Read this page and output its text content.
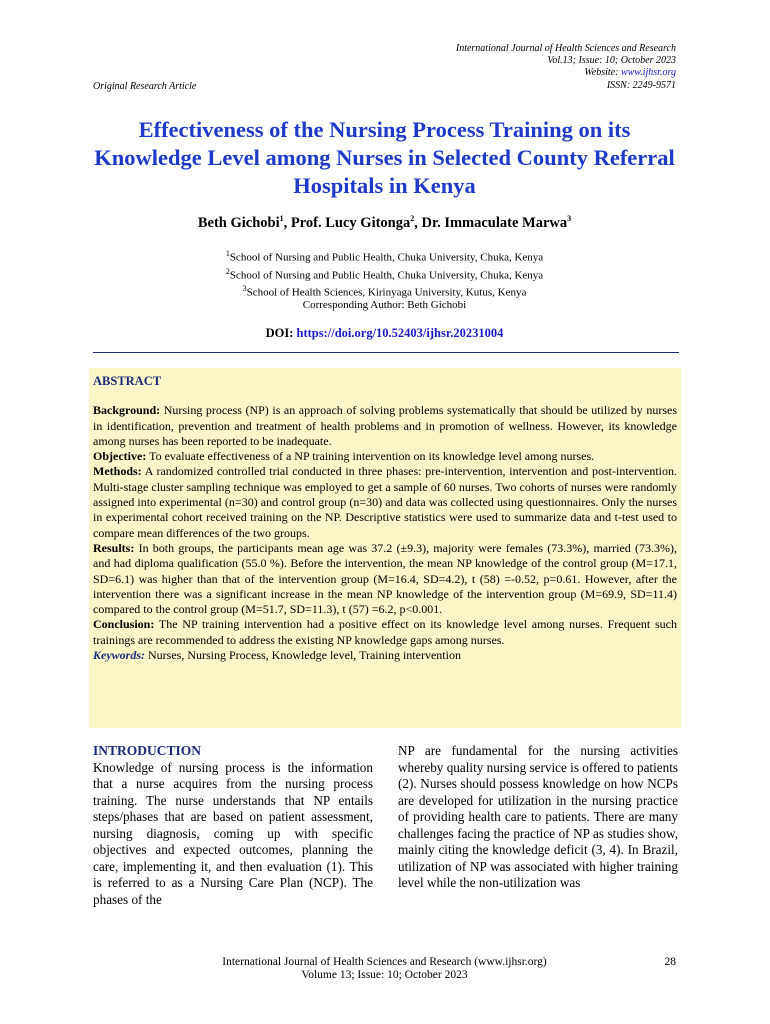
International Journal of Health Sciences and Research
Vol.13; Issue: 10; October 2023
Website: www.ijhsr.org
ISSN: 2249-9571
Original Research Article
Effectiveness of the Nursing Process Training on its Knowledge Level among Nurses in Selected County Referral Hospitals in Kenya
Beth Gichobi$^1$, Prof. Lucy Gitonga$^2$, Dr. Immaculate Marwa$^3$
$^1$School of Nursing and Public Health, Chuka University, Chuka, Kenya
$^2$School of Nursing and Public Health, Chuka University, Chuka, Kenya
$^3$School of Health Sciences, Kirinyaga University, Kutus, Kenya
Corresponding Author: Beth Gichobi
DOI: https://doi.org/10.52403/ijhsr.20231004
ABSTRACT

Background: Nursing process (NP) is an approach of solving problems systematically that should be utilized by nurses in identification, prevention and treatment of health problems and in promotion of wellness. However, its knowledge among nurses has been reported to be inadequate.

Objective: To evaluate effectiveness of a NP training intervention on its knowledge level among nurses.

Methods: A randomized controlled trial conducted in three phases: pre-intervention, intervention and post-intervention. Multi-stage cluster sampling technique was employed to get a sample of 60 nurses. Two cohorts of nurses were randomly assigned into experimental (n=30) and control group (n=30) and data was collected using questionnaires. Only the nurses in experimental cohort received training on the NP. Descriptive statistics were used to summarize data and t-test used to compare mean differences of the two groups.

Results: In both groups, the participants mean age was 37.2 (±9.3), majority were females (73.3%), married (73.3%), and had diploma qualification (55.0 %). Before the intervention, the mean NP knowledge of the control group (M=17.1, SD=6.1) was higher than that of the intervention group (M=16.4, SD=4.2), t (58) =-0.52, p=0.61. However, after the intervention there was a significant increase in the mean NP knowledge of the intervention group (M=69.9, SD=11.4) compared to the control group (M=51.7, SD=11.3), t (57) =6.2, p<0.001.

Conclusion: The NP training intervention had a positive effect on its knowledge level among nurses. Frequent such trainings are recommended to address the existing NP knowledge gaps among nurses.

Keywords: Nurses, Nursing Process, Knowledge level, Training intervention

INTRODUCTION

Knowledge of nursing process is the information that a nurse acquires from the nursing process training. The nurse understands that NP entails steps/phases that are based on patient assessment, nursing diagnosis, coming up with specific objectives and expected outcomes, planning the care, implementing it, and then evaluation (1). This is referred to as a Nursing Care Plan (NCP). The phases of the

NP are fundamental for the nursing activities whereby quality nursing service is offered to patients (2). Nurses should possess knowledge on how NCPs are developed for utilization in the nursing practice of providing health care to patients. There are many challenges facing the practice of NP as studies show, mainly citing the knowledge deficit (3, 4). In Brazil, utilization of NP was associated with higher training level while the non-utilization was

International Journal of Health Sciences and Research (www.ijhsr.org)
Volume 13; Issue: 10; October 2023
28
